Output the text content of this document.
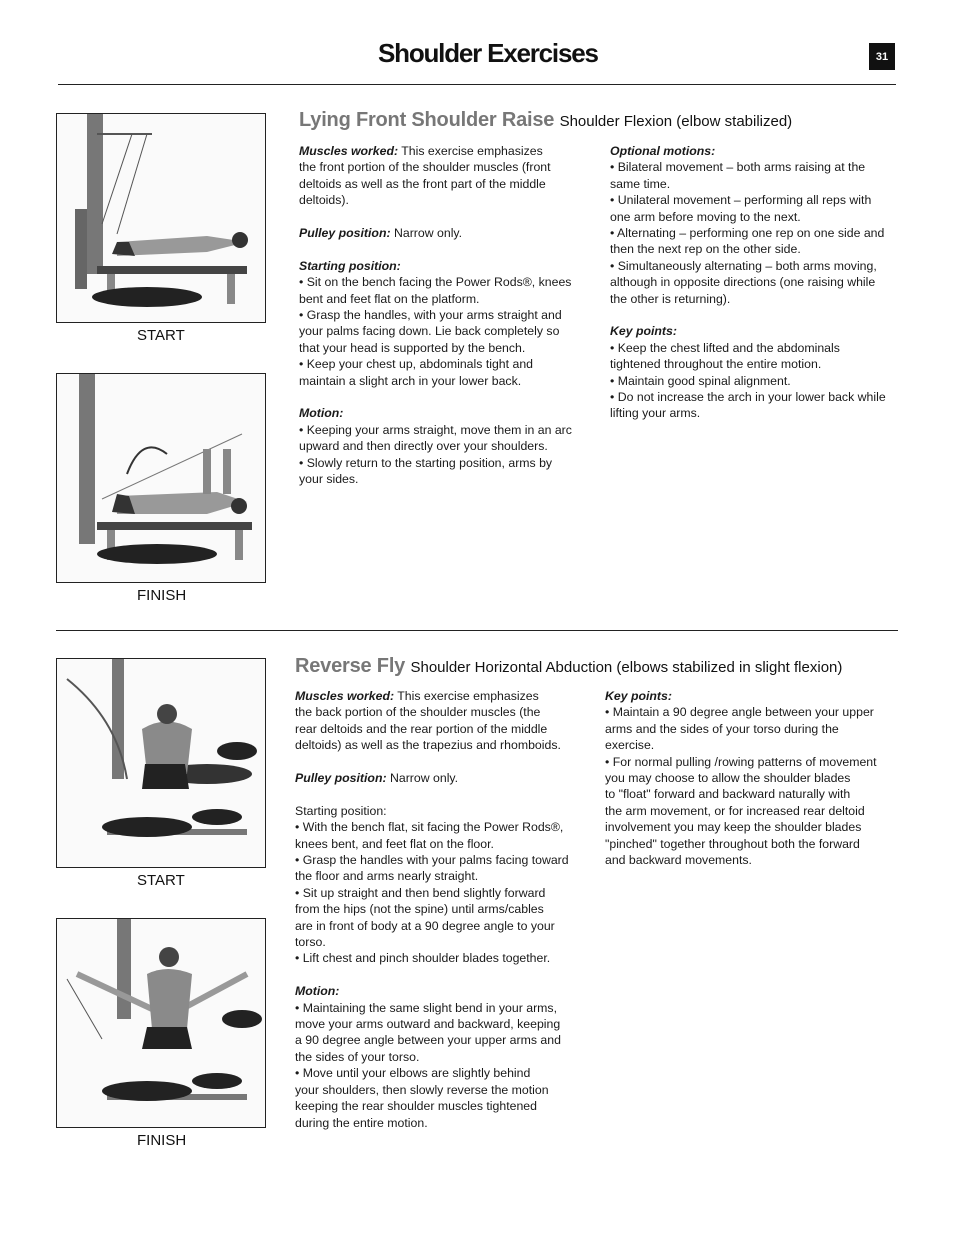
Shoulder Exercises	31
START
FINISH
Lying Front Shoulder Raise Shoulder Flexion (elbow stabilized)

Muscles worked: This exercise emphasizes

the front portion of the shoulder muscles (front

deltoids as well as the front part of the middle

deltoids).

Pulley position: Narrow only.

Starting position:

• Sit on the bench facing the Power Rods®, knees

bent and feet flat on the platform.

• Grasp the handles, with your arms straight and

your palms facing down. Lie back completely so

that your head is supported by the bench.

• Keep your chest up, abdominals tight and

maintain a slight arch in your lower back.

Motion:

• Keeping your arms straight, move them in an arc

upward and then directly over your shoulders.

• Slowly return to the starting position, arms by

your sides.

Optional motions:

• Bilateral movement – both arms raising at the

same time.

• Unilateral movement – performing all reps with

one arm before moving to the next.

• Alternating – performing one rep on one side and

then the next rep on the other side.

• Simultaneously alternating – both arms moving,

although in opposite directions (one raising while

the other is returning).

Key points:

• Keep the chest lifted and the abdominals

tightened throughout the entire motion.

• Maintain good spinal alignment.

• Do not increase the arch in your lower back while

lifting your arms.

START
FINISH
Reverse Fly Shoulder Horizontal Abduction (elbows stabilized in slight flexion)

Muscles worked: This exercise emphasizes

the back portion of the shoulder muscles (the

rear deltoids and the rear portion of the middle

deltoids) as well as the trapezius and rhomboids.

Pulley position: Narrow only.

Starting position:

• With the bench flat, sit facing the Power Rods®,

knees bent, and feet flat on the floor.

• Grasp the handles with your palms facing toward

the floor and arms nearly straight.

• Sit up straight and then bend slightly forward

from the hips (not the spine) until arms/cables

are in front of body at a 90 degree angle to your

torso.

• Lift chest and pinch shoulder blades together.

Motion:

• Maintaining the same slight bend in your arms,

move your arms outward and backward, keeping

a 90 degree angle between your upper arms and

the sides of your torso.

• Move until your elbows are slightly behind

your shoulders, then slowly reverse the motion

keeping the rear shoulder muscles tightened

during the entire motion.

Key points:

• Maintain a 90 degree angle between your upper

arms and the sides of your torso during the

exercise.

• For normal pulling /rowing patterns of movement

you may choose to allow the shoulder blades

to "float" forward and backward naturally with

the arm movement, or for increased rear deltoid

involvement you may keep the shoulder blades

"pinched" together throughout both the forward

and backward movements.
